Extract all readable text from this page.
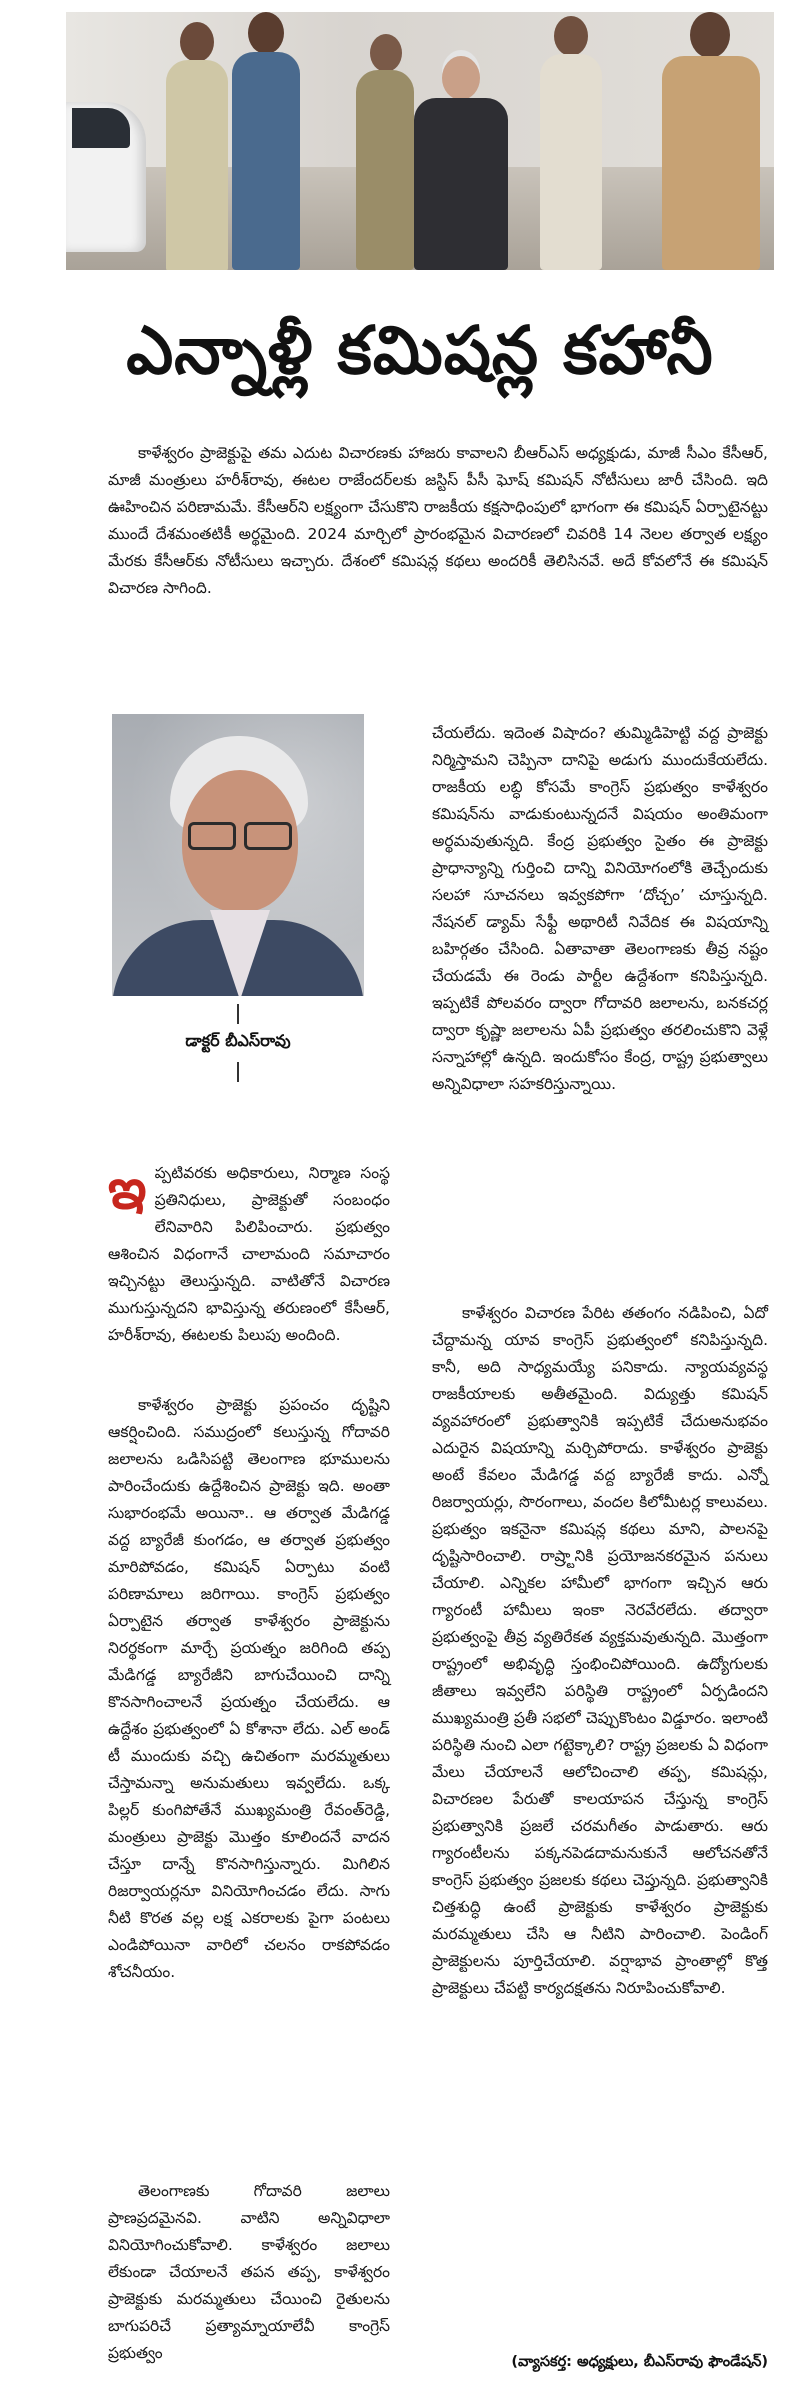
ఎన్నాళ్లీ కమిషన్ల కహానీ

కాళేశ్వరం ప్రాజెక్టుపై తమ ఎదుట విచారణకు హాజరు కావాలని బీఆర్ఎస్ అధ్యక్షుడు, మాజీ సీఎం కేసీఆర్, మాజీ మంత్రులు హరీశ్‌రావు, ఈటల రాజేందర్‌లకు జస్టిస్ పీసీ ఘోష్ కమిషన్ నోటీసులు జారీ చేసింది. ఇది ఊహించిన పరిణామమే. కేసీఆర్‌ని లక్ష్యంగా చేసుకొని రాజకీయ కక్షసాధింపులో భాగంగా ఈ కమిషన్ ఏర్పాటైనట్టు ముందే దేశమంతటికీ అర్థమైంది. 2024 మార్చిలో ప్రారంభమైన విచారణలో చివరికి 14 నెలల తర్వాత లక్ష్యం మేరకు కేసీఆర్‌కు నోటీసులు ఇచ్చారు. దేశంలో కమిషన్ల కథలు అందరికీ తెలిసినవే. అదే కోవలోనే ఈ కమిషన్ విచారణ సాగింది.

డాక్టర్ బీఎస్‌రావు

ఇ ప్పటివరకు అధికారులు, నిర్మాణ సంస్థ ప్రతినిధులు, ప్రాజెక్టుతో సంబంధం లేనివారిని పిలిపించారు. ప్రభుత్వం ఆశించిన విధంగానే చాలామంది సమాచారం ఇచ్చినట్టు తెలుస్తున్నది. వాటితోనే విచారణ ముగుస్తున్నదని భావిస్తున్న తరుణంలో కేసీఆర్, హరీశ్‌రావు, ఈటలకు పిలుపు అందింది.

కాళేశ్వరం ప్రాజెక్టు ప్రపంచం దృష్టిని ఆకర్షించింది. సముద్రంలో కలుస్తున్న గోదావరి జలాలను ఒడిసిపట్టి తెలంగాణ భూములను పారించేందుకు ఉద్దేశించిన ప్రాజెక్టు ఇది. అంతా సుభారంభమే అయినా.. ఆ తర్వాత మేడిగడ్డ వద్ద బ్యారేజీ కుంగడం, ఆ తర్వాత ప్రభుత్వం మారిపోవడం, కమిషన్ ఏర్పాటు వంటి పరిణామాలు జరిగాయి. కాంగ్రెస్ ప్రభుత్వం ఏర్పాటైన తర్వాత కాళేశ్వరం ప్రాజెక్టును నిరర్థకంగా మార్చే ప్రయత్నం జరిగింది తప్ప మేడిగడ్డ బ్యారేజీని బాగుచేయించి దాన్ని కొనసాగించాలనే ప్రయత్నం చేయలేదు. ఆ ఉద్దేశం ప్రభుత్వంలో ఏ కోశానా లేదు. ఎల్ అండ్ టీ ముందుకు వచ్చి ఉచితంగా మరమ్మతులు చేస్తామన్నా అనుమతులు ఇవ్వలేదు. ఒక్క పిల్లర్ కుంగిపోతేనే ముఖ్యమంత్రి రేవంత్‌రెడ్డి, మంత్రులు ప్రాజెక్టు మొత్తం కూలిందనే వాదన చేస్తూ దాన్నే కొనసాగిస్తున్నారు. మిగిలిన రిజర్వాయర్లనూ వినియోగించడం లేదు. సాగు నీటి కొరత వల్ల లక్ష ఎకరాలకు పైగా పంటలు ఎండిపోయినా వారిలో చలనం రాకపోవడం శోచనీయం.

తెలంగాణకు గోదావరి జలాలు ప్రాణప్రదమైనవి. వాటిని అన్నివిధాలా వినియోగించుకోవాలి. కాళేశ్వరం జలాలు లేకుండా చేయాలనే తపన తప్ప, కాళేశ్వరం ప్రాజెక్టుకు మరమ్మతులు చేయించి రైతులను బాగుపరిచే ప్రత్యామ్నాయాలేవీ కాంగ్రెస్ ప్రభుత్వం

చేయలేదు. ఇదెంత విషాదం? తుమ్మిడిహెట్టి వద్ద ప్రాజెక్టు నిర్మిస్తామని చెప్పినా దానిపై అడుగు ముందుకేయలేదు. రాజకీయ లబ్ధి కోసమే కాంగ్రెస్ ప్రభుత్వం కాళేశ్వరం కమిషన్‌ను వాడుకుంటున్నదనే విషయం అంతిమంగా అర్థమవుతున్నది. కేంద్ర ప్రభుత్వం సైతం ఈ ప్రాజెక్టు ప్రాధాన్యాన్ని గుర్తించి దాన్ని వినియోగంలోకి తెచ్చేందుకు సలహా సూచనలు ఇవ్వకపోగా ‘దోచ్చం’ చూస్తున్నది. నేషనల్ డ్యామ్ సేఫ్టీ అథారిటీ నివేదిక ఈ విషయాన్ని బహిర్గతం చేసింది. ఏతావాతా తెలంగాణకు తీవ్ర నష్టం చేయడమే ఈ రెండు పార్టీల ఉద్దేశంగా కనిపిస్తున్నది. ఇప్పటికే పోలవరం ద్వారా గోదావరి జలాలను, బనకచర్ల ద్వారా కృష్ణా జలాలను ఏపీ ప్రభుత్వం తరలించుకొని వెళ్లే సన్నాహాల్లో ఉన్నది. ఇందుకోసం కేంద్ర, రాష్ట్ర ప్రభుత్వాలు అన్నివిధాలా సహకరిస్తున్నాయి.

కాళేశ్వరం విచారణ పేరిట తతంగం నడిపించి, ఏదో చేద్దామన్న యావ కాంగ్రెస్ ప్రభుత్వంలో కనిపిస్తున్నది. కానీ, అది సాధ్యమయ్యే పనికాదు. న్యాయవ్యవస్థ రాజకీయాలకు అతీతమైంది. విద్యుత్తు కమిషన్ వ్యవహారంలో ప్రభుత్వానికి ఇప్పటికే చేదుఅనుభవం ఎదురైన విషయాన్ని మర్చిపోరాదు. కాళేశ్వరం ప్రాజెక్టు అంటే కేవలం మేడిగడ్డ వద్ద బ్యారేజీ కాదు. ఎన్నో రిజర్వాయర్లు, సొరంగాలు, వందల కిలోమీటర్ల కాలువలు. ప్రభుత్వం ఇకనైనా కమిషన్ల కథలు మాని, పాలనపై దృష్టిసారించాలి. రాష్ర్టానికి ప్రయోజనకరమైన పనులు చేయాలి. ఎన్నికల హామీలో భాగంగా ఇచ్చిన ఆరు గ్యారంటీ హామీలు ఇంకా నెరవేరలేదు. తద్వారా ప్రభుత్వంపై తీవ్ర వ్యతిరేకత వ్యక్తమవుతున్నది. మొత్తంగా రాష్ట్రంలో అభివృద్ధి స్తంభించిపోయింది. ఉద్యోగులకు జీతాలు ఇవ్వలేని పరిస్థితి రాష్ట్రంలో ఏర్పడిందని ముఖ్యమంత్రి ప్రతీ సభలో చెప్పుకొంటం విడ్డూరం. ఇలాంటి పరిస్థితి నుంచి ఎలా గట్టెక్కాలి? రాష్ట్ర ప్రజలకు ఏ విధంగా మేలు చేయాలనే ఆలోచించాలి తప్ప, కమిషన్లు, విచారణల పేరుతో కాలయాపన చేస్తున్న కాంగ్రెస్ ప్రభుత్వానికి ప్రజలే చరమగీతం పాడుతారు. ఆరు గ్యారంటీలను పక్కనపెడదామనుకునే ఆలోచనతోనే కాంగ్రెస్ ప్రభుత్వం ప్రజలకు కథలు చెప్తున్నది. ప్రభుత్వానికి చిత్తశుద్ధి ఉంటే ప్రాజెక్టుకు కాళేశ్వరం ప్రాజెక్టుకు మరమ్మతులు చేసి ఆ నీటిని పారించాలి. పెండింగ్ ప్రాజెక్టులను పూర్తిచేయాలి. వర్షాభావ ప్రాంతాల్లో కొత్త ప్రాజెక్టులు చేపట్టి కార్యదక్షతను నిరూపించుకోవాలి.

(వ్యాసకర్త: అధ్యక్షులు, బీఎస్‌రావు ఫౌండేషన్)
